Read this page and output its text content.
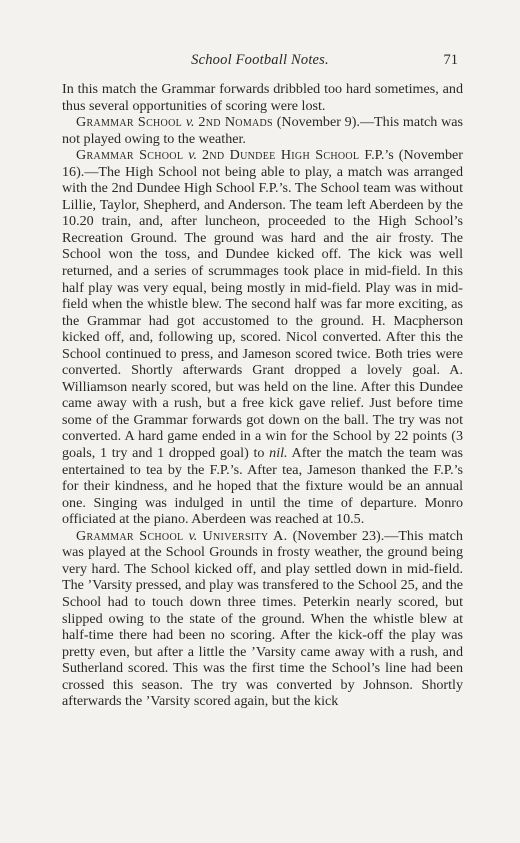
School Football Notes.	71

In this match the Grammar forwards dribbled too hard sometimes, and thus several opportunities of scoring were lost.

Grammar School v. 2nd Nomads (November 9).—This match was not played owing to the weather.

Grammar School v. 2nd Dundee High School F.P.’s (November 16).—The High School not being able to play, a match was arranged with the 2nd Dundee High School F.P.’s. The School team was without Lillie, Taylor, Shepherd, and Anderson. The team left Aberdeen by the 10.20 train, and, after luncheon, proceeded to the High School’s Recreation Ground. The ground was hard and the air frosty. The School won the toss, and Dundee kicked off. The kick was well returned, and a series of scrummages took place in mid-field. In this half play was very equal, being mostly in mid-field. Play was in mid-field when the whistle blew. The second half was far more exciting, as the Grammar had got accustomed to the ground. H. Macpherson kicked off, and, following up, scored. Nicol converted. After this the School continued to press, and Jameson scored twice. Both tries were converted. Shortly afterwards Grant dropped a lovely goal. A. Williamson nearly scored, but was held on the line. After this Dundee came away with a rush, but a free kick gave relief. Just before time some of the Grammar forwards got down on the ball. The try was not converted. A hard game ended in a win for the School by 22 points (3 goals, 1 try and 1 dropped goal) to nil. After the match the team was entertained to tea by the F.P.’s. After tea, Jameson thanked the F.P.’s for their kindness, and he hoped that the fixture would be an annual one. Singing was indulged in until the time of departure. Monro officiated at the piano. Aberdeen was reached at 10.5.

Grammar School v. University A. (November 23).—This match was played at the School Grounds in frosty weather, the ground being very hard. The School kicked off, and play settled down in mid-field. The ’Varsity pressed, and play was transfered to the School 25, and the School had to touch down three times. Peterkin nearly scored, but slipped owing to the state of the ground. When the whistle blew at half-time there had been no scoring. After the kick-off the play was pretty even, but after a little the ’Varsity came away with a rush, and Sutherland scored. This was the first time the School’s line had been crossed this season. The try was converted by Johnson. Shortly afterwards the ’Varsity scored again, but the kick
